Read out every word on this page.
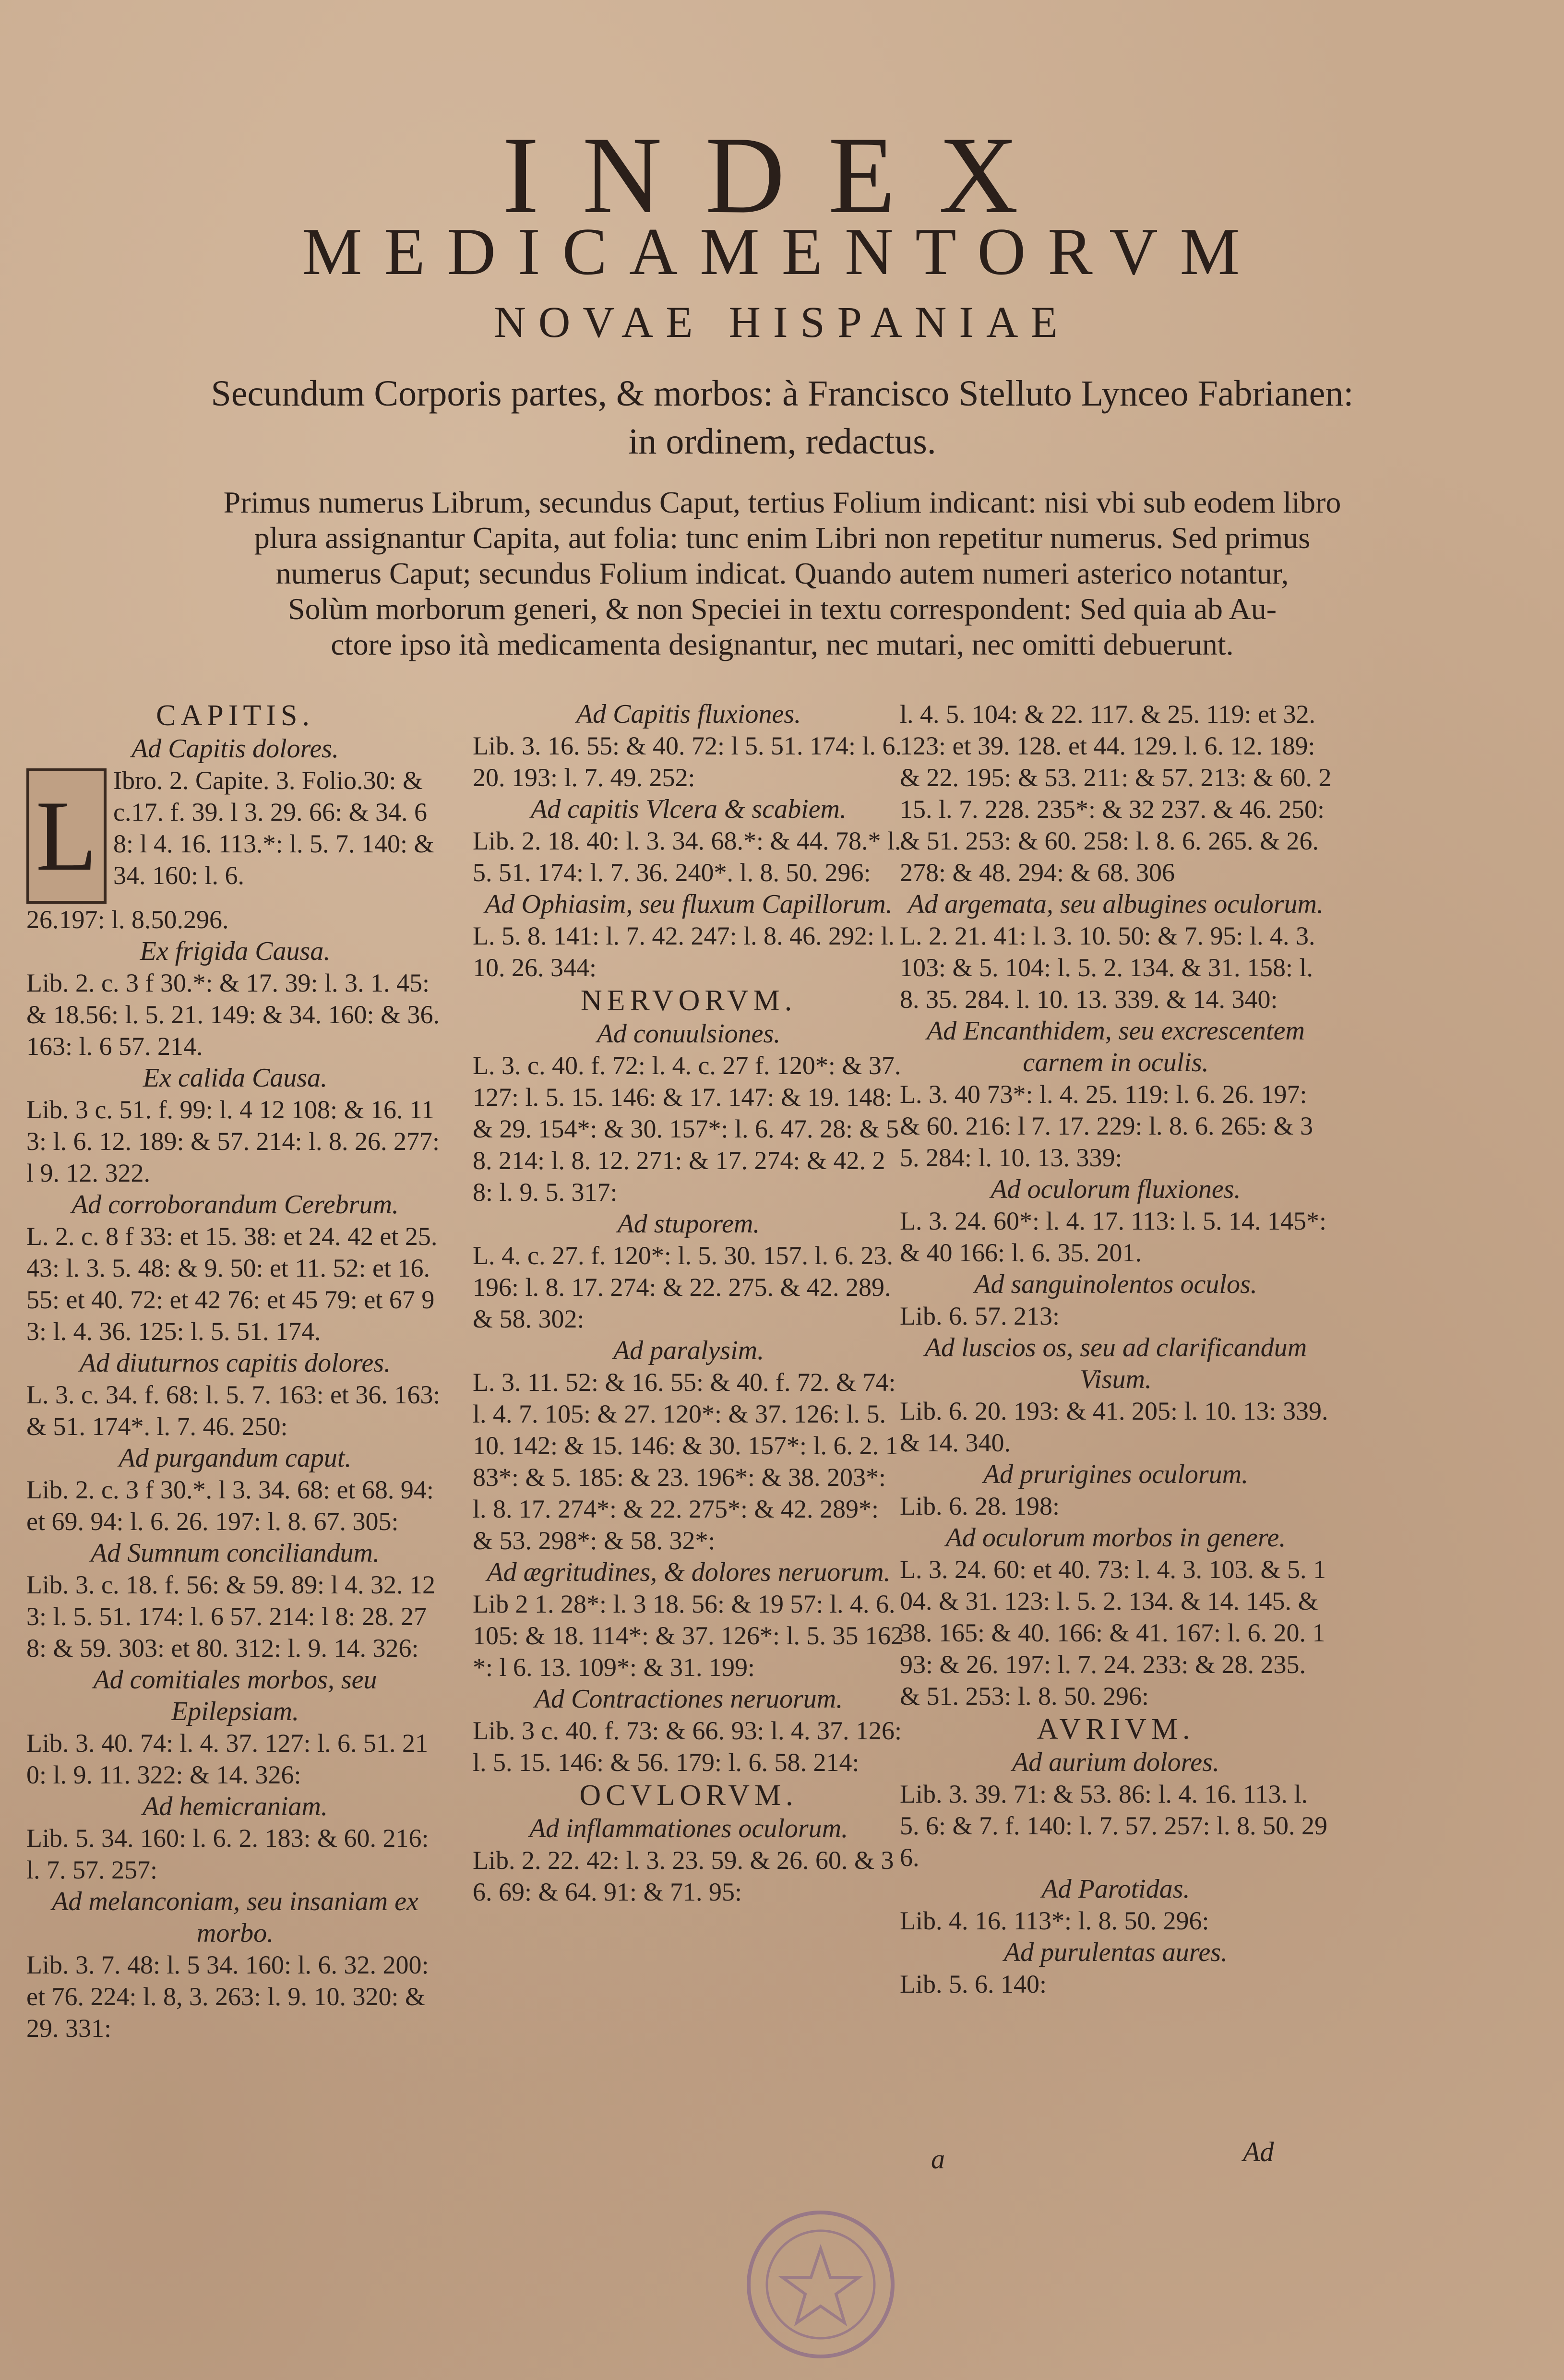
INDEX
MEDICAMENTORVM
NOVAE HISPANIAE
Secundum Corporis partes, & morbos: à Francisco Stelluto Lynceo Fabrianen:
in ordinem, redactus.

Primus numerus Librum, secundus Caput, tertius Folium indicant: nisi vbi sub eodem libro

plura assignantur Capita, aut folia: tunc enim Libri non repetitur numerus. Sed primus

numerus Caput; secundus Folium indicat. Quando autem numeri asterico notantur,

Solùm morborum generi, & non Speciei in textu correspondent: Sed quia ab Au-

ctore ipso ità medicamenta designantur, nec mutari, nec omitti debuerunt.

CAPITIS.

Ad Capitis dolores.

L Ibro. 2. Capite. 3. Folio.30: & c.17. f. 39. l 3. 29. 66: & 34. 68: l 4. 16. 113.*: l. 5. 7. 140: & 34. 160: l. 6.

26.197: l. 8.50.296.

Ex frigida Causa.

Lib. 2. c. 3 f 30.*: & 17. 39: l. 3. 1. 45: & 18.56: l. 5. 21. 149: & 34. 160: & 36. 163: l. 6 57. 214.

Ex calida Causa.

Lib. 3 c. 51. f. 99: l. 4 12 108: & 16. 113: l. 6. 12. 189: & 57. 214: l. 8. 26. 277: l 9. 12. 322.

Ad corroborandum Cerebrum.

L. 2. c. 8 f 33: et 15. 38: et 24. 42 et 25. 43: l. 3. 5. 48: & 9. 50: et 11. 52: et 16. 55: et 40. 72: et 42 76: et 45 79: et 67 93: l. 4. 36. 125: l. 5. 51. 174.

Ad diuturnos capitis dolores.

L. 3. c. 34. f. 68: l. 5. 7. 163: et 36. 163: & 51. 174*. l. 7. 46. 250:

Ad purgandum caput.

Lib. 2. c. 3 f 30.*. l 3. 34. 68: et 68. 94: et 69. 94: l. 6. 26. 197: l. 8. 67. 305:

Ad Sumnum conciliandum.

Lib. 3. c. 18. f. 56: & 59. 89: l 4. 32. 123: l. 5. 51. 174: l. 6 57. 214: l 8: 28. 278: & 59. 303: et 80. 312: l. 9. 14. 326:

Ad comitiales morbos, seu Epilepsiam.

Lib. 3. 40. 74: l. 4. 37. 127: l. 6. 51. 210: l. 9. 11. 322: & 14. 326:

Ad hemicraniam.

Lib. 5. 34. 160: l. 6. 2. 183: & 60. 216: l. 7. 57. 257:

Ad melanconiam, seu insaniam ex morbo.

Lib. 3. 7. 48: l. 5 34. 160: l. 6. 32. 200: et 76. 224: l. 8, 3. 263: l. 9. 10. 320: & 29. 331:

Ad Capitis fluxiones.

Lib. 3. 16. 55: & 40. 72: l 5. 51. 174: l. 6. 20. 193: l. 7. 49. 252:

Ad capitis Vlcera & scabiem.

Lib. 2. 18. 40: l. 3. 34. 68.*: & 44. 78.* l. 5. 51. 174: l. 7. 36. 240*. l. 8. 50. 296:

Ad Ophiasim, seu fluxum Capillorum.

L. 5. 8. 141: l. 7. 42. 247: l. 8. 46. 292: l. 10. 26. 344:

NERVORVM.

Ad conuulsiones.

L. 3. c. 40. f. 72: l. 4. c. 27 f. 120*: & 37. 127: l. 5. 15. 146: & 17. 147: & 19. 148: & 29. 154*: & 30. 157*: l. 6. 47. 28: & 58. 214: l. 8. 12. 271: & 17. 274: & 42. 28: l. 9. 5. 317:

Ad stuporem.

L. 4. c. 27. f. 120*: l. 5. 30. 157. l. 6. 23. 196: l. 8. 17. 274: & 22. 275. & 42. 289. & 58. 302:

Ad paralysim.

L. 3. 11. 52: & 16. 55: & 40. f. 72. & 74: l. 4. 7. 105: & 27. 120*: & 37. 126: l. 5. 10. 142: & 15. 146: & 30. 157*: l. 6. 2. 183*: & 5. 185: & 23. 196*: & 38. 203*: l. 8. 17. 274*: & 22. 275*: & 42. 289*: & 53. 298*: & 58. 32*:

Ad ægritudines, & dolores neruorum.

Lib 2 1. 28*: l. 3 18. 56: & 19 57: l. 4. 6. 105: & 18. 114*: & 37. 126*: l. 5. 35 162*: l 6. 13. 109*: & 31. 199:

Ad Contractiones neruorum.

Lib. 3 c. 40. f. 73: & 66. 93: l. 4. 37. 126: l. 5. 15. 146: & 56. 179: l. 6. 58. 214:

OCVLORVM.

Ad inflammationes oculorum.

Lib. 2. 22. 42: l. 3. 23. 59. & 26. 60. & 36. 69: & 64. 91: & 71. 95:

l. 4. 5. 104: & 22. 117. & 25. 119: et 32. 123: et 39. 128. et 44. 129. l. 6. 12. 189: & 22. 195: & 53. 211: & 57. 213: & 60. 215. l. 7. 228. 235*: & 32 237. & 46. 250: & 51. 253: & 60. 258: l. 8. 6. 265. & 26. 278: & 48. 294: & 68. 306

Ad argemata, seu albugines oculorum.

L. 2. 21. 41: l. 3. 10. 50: & 7. 95: l. 4. 3. 103: & 5. 104: l. 5. 2. 134. & 31. 158: l. 8. 35. 284. l. 10. 13. 339. & 14. 340:

Ad Encanthidem, seu excrescentem carnem in oculis.

L. 3. 40 73*: l. 4. 25. 119: l. 6. 26. 197: & 60. 216: l 7. 17. 229: l. 8. 6. 265: & 35. 284: l. 10. 13. 339:

Ad oculorum fluxiones.

L. 3. 24. 60*: l. 4. 17. 113: l. 5. 14. 145*: & 40 166: l. 6. 35. 201.

Ad sanguinolentos oculos.

Lib. 6. 57. 213:

Ad luscios os, seu ad clarificandum Visum.

Lib. 6. 20. 193: & 41. 205: l. 10. 13: 339. & 14. 340.

Ad prurigines oculorum.

Lib. 6. 28. 198:

Ad oculorum morbos in genere.

L. 3. 24. 60: et 40. 73: l. 4. 3. 103. & 5. 104. & 31. 123: l. 5. 2. 134. & 14. 145. & 38. 165: & 40. 166: & 41. 167: l. 6. 20. 193: & 26. 197: l. 7. 24. 233: & 28. 235. & 51. 253: l. 8. 50. 296:

AVRIVM.

Ad aurium dolores.

Lib. 3. 39. 71: & 53. 86: l. 4. 16. 113. l. 5. 6: & 7. f. 140: l. 7. 57. 257: l. 8. 50. 296.

Ad Parotidas.

Lib. 4. 16. 113*: l. 8. 50. 296:

Ad purulentas aures.

Lib. 5. 6. 140:

a	Ad
